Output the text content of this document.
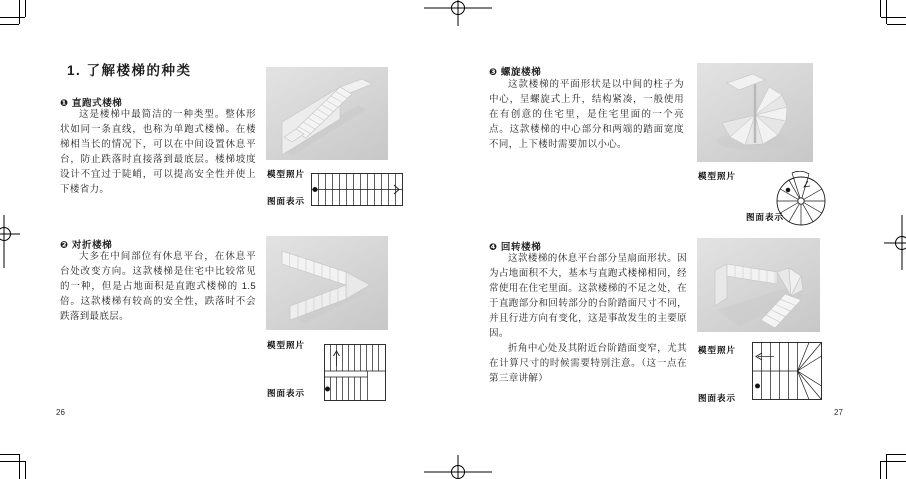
1. 了解楼梯的种类
❶ 直跑式楼梯

这是楼梯中最简洁的一种类型。整体形状如同一条直线，也称为单跑式楼梯。在楼梯相当长的情况下，可以在中间设置休息平台，防止跌落时直接落到最底层。楼梯坡度设计不宜过于陡峭，可以提高安全性并使上下楼省力。

❷ 对折楼梯

大多在中间部位有休息平台，在休息平台处改变方向。这款楼梯是住宅中比较常见的一种，但是占地面积是直跑式楼梯的 1.5 倍。这款楼梯有较高的安全性，跌落时不会跌落到最底层。

模型照片
图面表示
模型照片
图面表示
26
❸ 螺旋楼梯

这款楼梯的平面形状是以中间的柱子为中心，呈螺旋式上升，结构紧凑，一般使用在有创意的住宅里，是住宅里面的一个亮点。这款楼梯的中心部分和两端的踏面宽度不同，上下楼时需要加以小心。

❹ 回转楼梯

这款楼梯的休息平台部分呈扇面形状。因为占地面积不大，基本与直跑式楼梯相同，经常使用在住宅里面。这款楼梯的不足之处，在于直跑部分和回转部分的台阶踏面尺寸不同，并且行进方向有变化，这是事故发生的主要原因。

折角中心处及其附近台阶踏面变窄，尤其在计算尺寸的时候需要特别注意。（这一点在第三章讲解）

模型照片
图面表示
模型照片
图面表示
27
